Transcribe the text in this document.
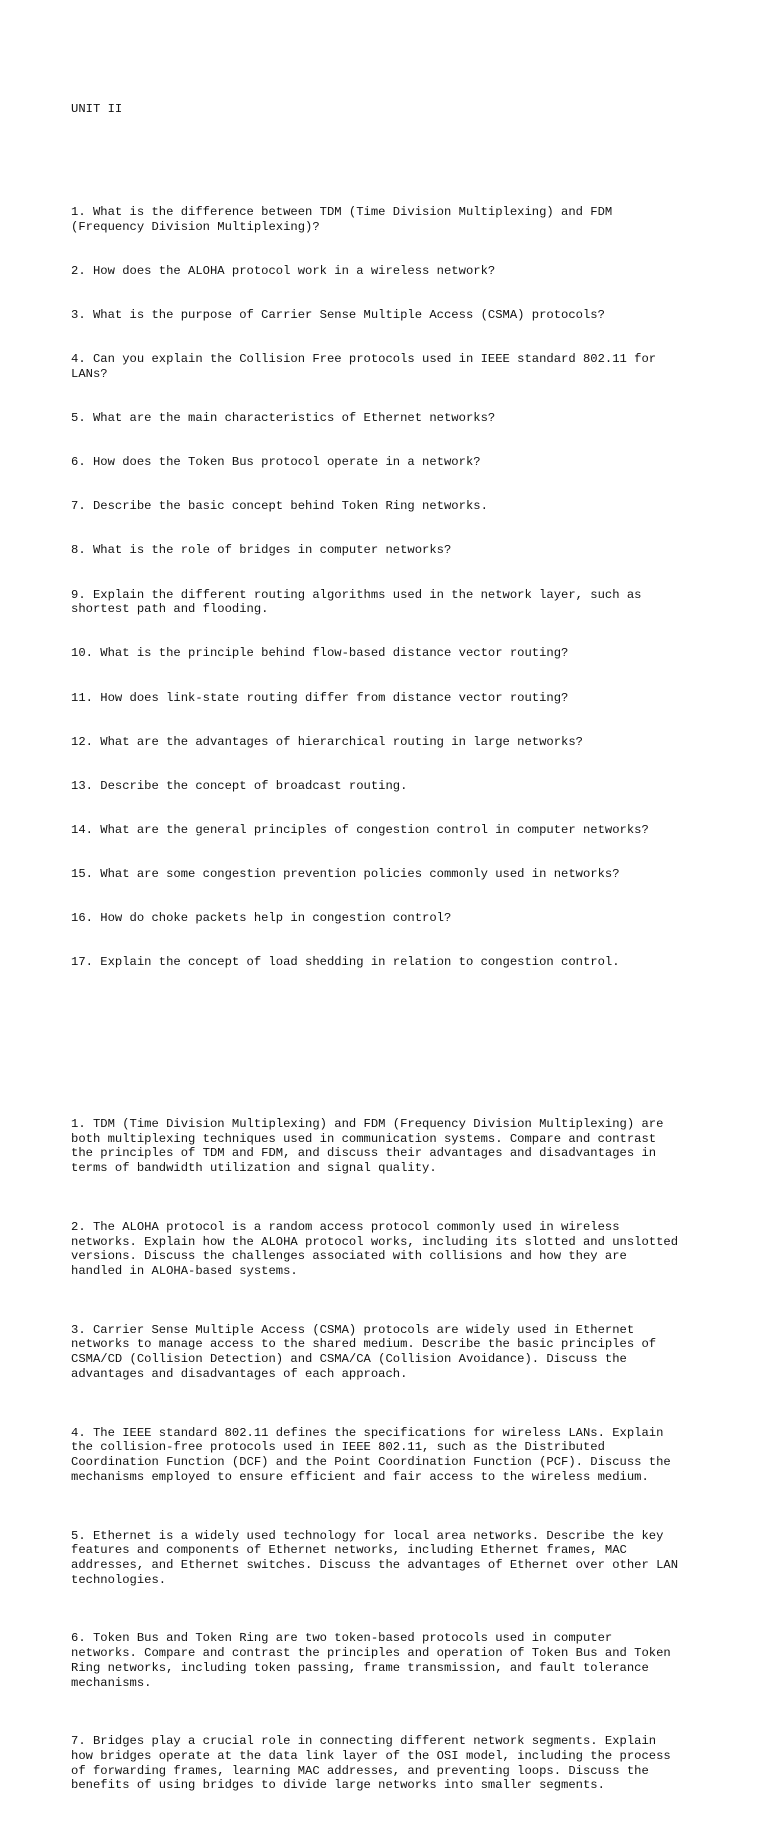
UNIT II

1. What is the difference between TDM (Time Division Multiplexing) and FDM
(Frequency Division Multiplexing)?

2. How does the ALOHA protocol work in a wireless network?

3. What is the purpose of Carrier Sense Multiple Access (CSMA) protocols?

4. Can you explain the Collision Free protocols used in IEEE standard 802.11 for
LANs?

5. What are the main characteristics of Ethernet networks?

6. How does the Token Bus protocol operate in a network?

7. Describe the basic concept behind Token Ring networks.

8. What is the role of bridges in computer networks?

9. Explain the different routing algorithms used in the network layer, such as
shortest path and flooding.

10. What is the principle behind flow-based distance vector routing?

11. How does link-state routing differ from distance vector routing?

12. What are the advantages of hierarchical routing in large networks?

13. Describe the concept of broadcast routing.

14. What are the general principles of congestion control in computer networks?

15. What are some congestion prevention policies commonly used in networks?

16. How do choke packets help in congestion control?

17. Explain the concept of load shedding in relation to congestion control.

1. TDM (Time Division Multiplexing) and FDM (Frequency Division Multiplexing) are
both multiplexing techniques used in communication systems. Compare and contrast
the principles of TDM and FDM, and discuss their advantages and disadvantages in
terms of bandwidth utilization and signal quality.

2. The ALOHA protocol is a random access protocol commonly used in wireless
networks. Explain how the ALOHA protocol works, including its slotted and unslotted
versions. Discuss the challenges associated with collisions and how they are
handled in ALOHA-based systems.

3. Carrier Sense Multiple Access (CSMA) protocols are widely used in Ethernet
networks to manage access to the shared medium. Describe the basic principles of
CSMA/CD (Collision Detection) and CSMA/CA (Collision Avoidance). Discuss the
advantages and disadvantages of each approach.

4. The IEEE standard 802.11 defines the specifications for wireless LANs. Explain
the collision-free protocols used in IEEE 802.11, such as the Distributed
Coordination Function (DCF) and the Point Coordination Function (PCF). Discuss the
mechanisms employed to ensure efficient and fair access to the wireless medium.

5. Ethernet is a widely used technology for local area networks. Describe the key
features and components of Ethernet networks, including Ethernet frames, MAC
addresses, and Ethernet switches. Discuss the advantages of Ethernet over other LAN
technologies.

6. Token Bus and Token Ring are two token-based protocols used in computer
networks. Compare and contrast the principles and operation of Token Bus and Token
Ring networks, including token passing, frame transmission, and fault tolerance
mechanisms.

7. Bridges play a crucial role in connecting different network segments. Explain
how bridges operate at the data link layer of the OSI model, including the process
of forwarding frames, learning MAC addresses, and preventing loops. Discuss the
benefits of using bridges to divide large networks into smaller segments.
